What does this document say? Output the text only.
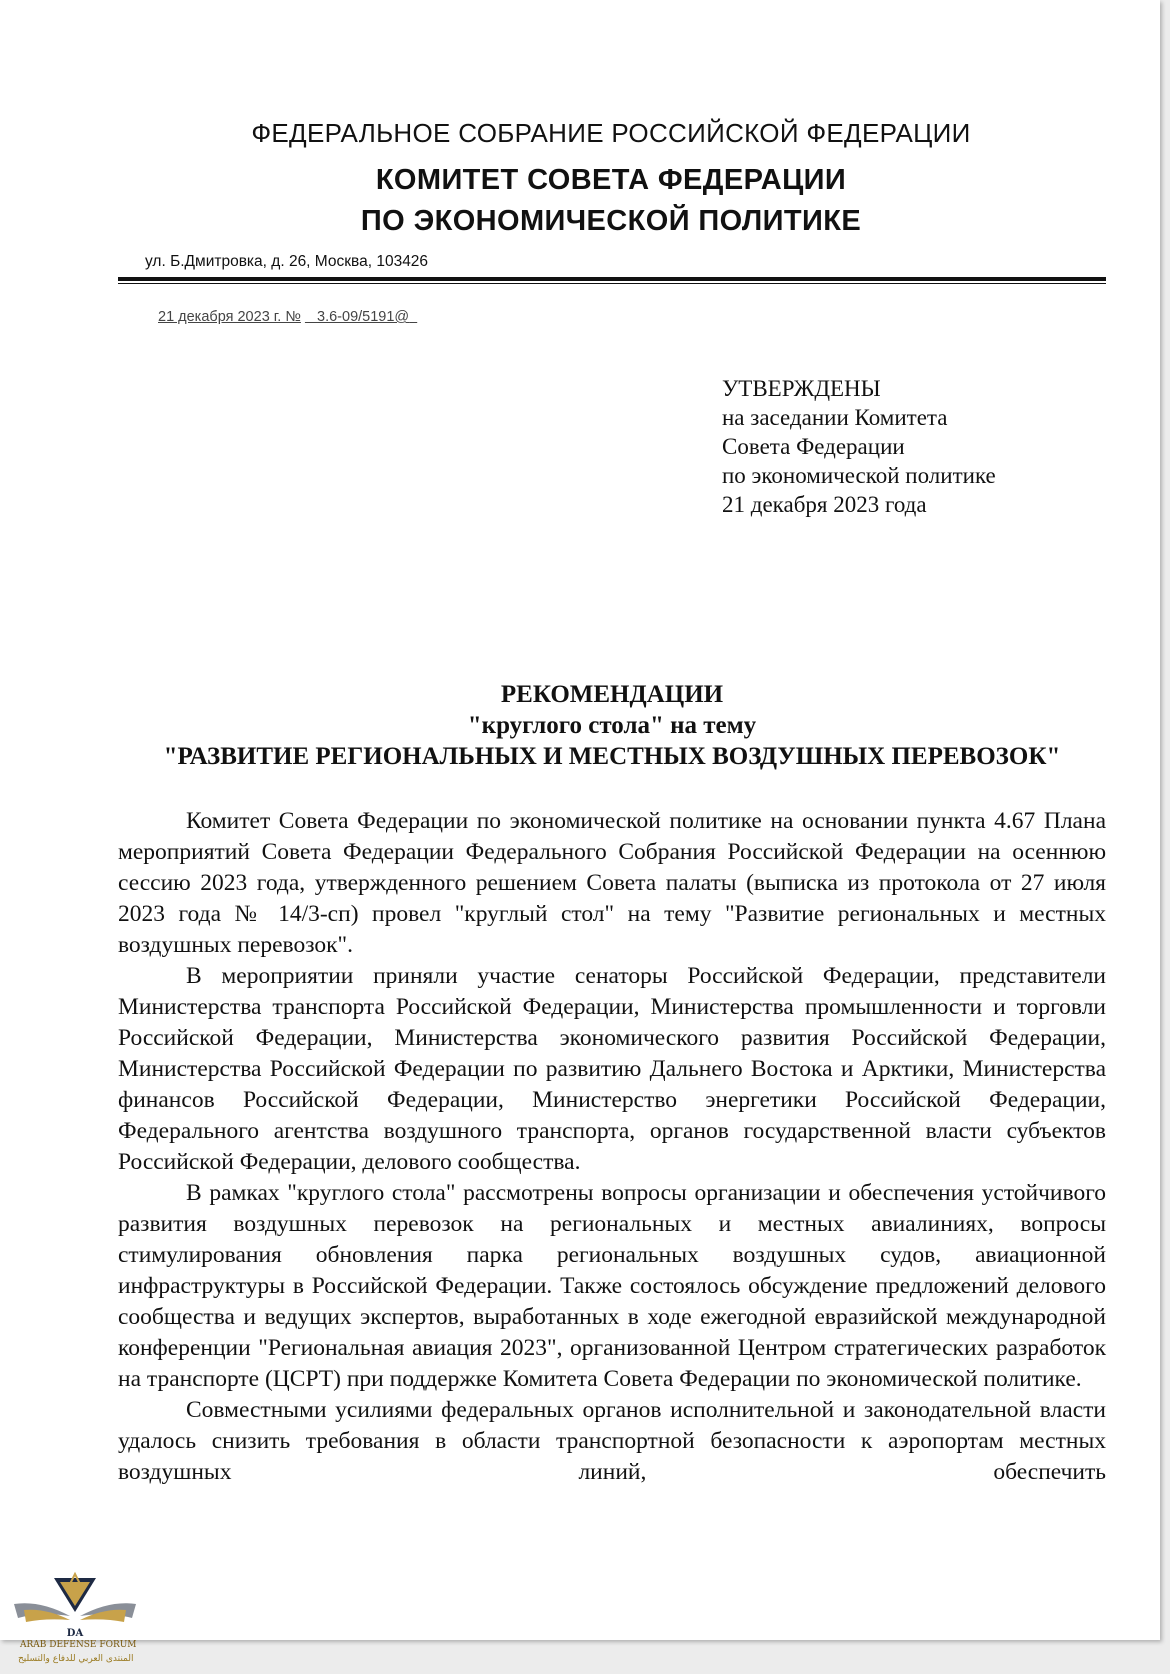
ФЕДЕРАЛЬНОЕ СОБРАНИЕ РОССИЙСКОЙ ФЕДЕРАЦИИ
КОМИТЕТ СОВЕТА ФЕДЕРАЦИИ
ПО ЭКОНОМИЧЕСКОЙ ПОЛИТИКЕ
ул. Б.Дмитровка, д. 26, Москва, 103426
21 декабря 2023 г. № 3.6-09/5191@
УТВЕРЖДЕНЫ
на заседании Комитета
Совета Федерации
по экономической политике
21 декабря 2023 года
РЕКОМЕНДАЦИИ
"круглого стола" на тему
"РАЗВИТИЕ РЕГИОНАЛЬНЫХ И МЕСТНЫХ ВОЗДУШНЫХ ПЕРЕВОЗОК"

Комитет Совета Федерации по экономической политике на основании пункта 4.67 Плана мероприятий Совета Федерации Федерального Собрания Российской Федерации на осеннюю сессию 2023 года, утвержденного решением Совета палаты (выписка из протокола от 27 июля 2023 года № 14/3-сп) провел "круглый стол" на тему "Развитие региональных и местных воздушных перевозок".

В мероприятии приняли участие сенаторы Российской Федерации, представители Министерства транспорта Российской Федерации, Министерства промышленности и торговли Российской Федерации, Министерства экономического развития Российской Федерации, Министерства Российской Федерации по развитию Дальнего Востока и Арктики, Министерства финансов Российской Федерации, Министерство энергетики Российской Федерации, Федерального агентства воздушного транспорта, органов государственной власти субъектов Российской Федерации, делового сообщества.

В рамках "круглого стола" рассмотрены вопросы организации и обеспечения устойчивого развития воздушных перевозок на региональных и местных авиалиниях, вопросы стимулирования обновления парка региональных воздушных судов, авиационной инфраструктуры в Российской Федерации. Также состоялось обсуждение предложений делового сообщества и ведущих экспертов, выработанных в ходе ежегодной евразийской международной конференции "Региональная авиация 2023", организованной Центром стратегических разработок на транспорте (ЦСРТ) при поддержке Комитета Совета Федерации по экономической политике.

Совместными усилиями федеральных органов исполнительной и законодательной власти удалось снизить требования в области транспортной безопасности к аэропортам местных воздушных линий, обеспечить

DA
ARAB DEFENSE FORUM
المنتدى العربي للدفاع والتسليح
